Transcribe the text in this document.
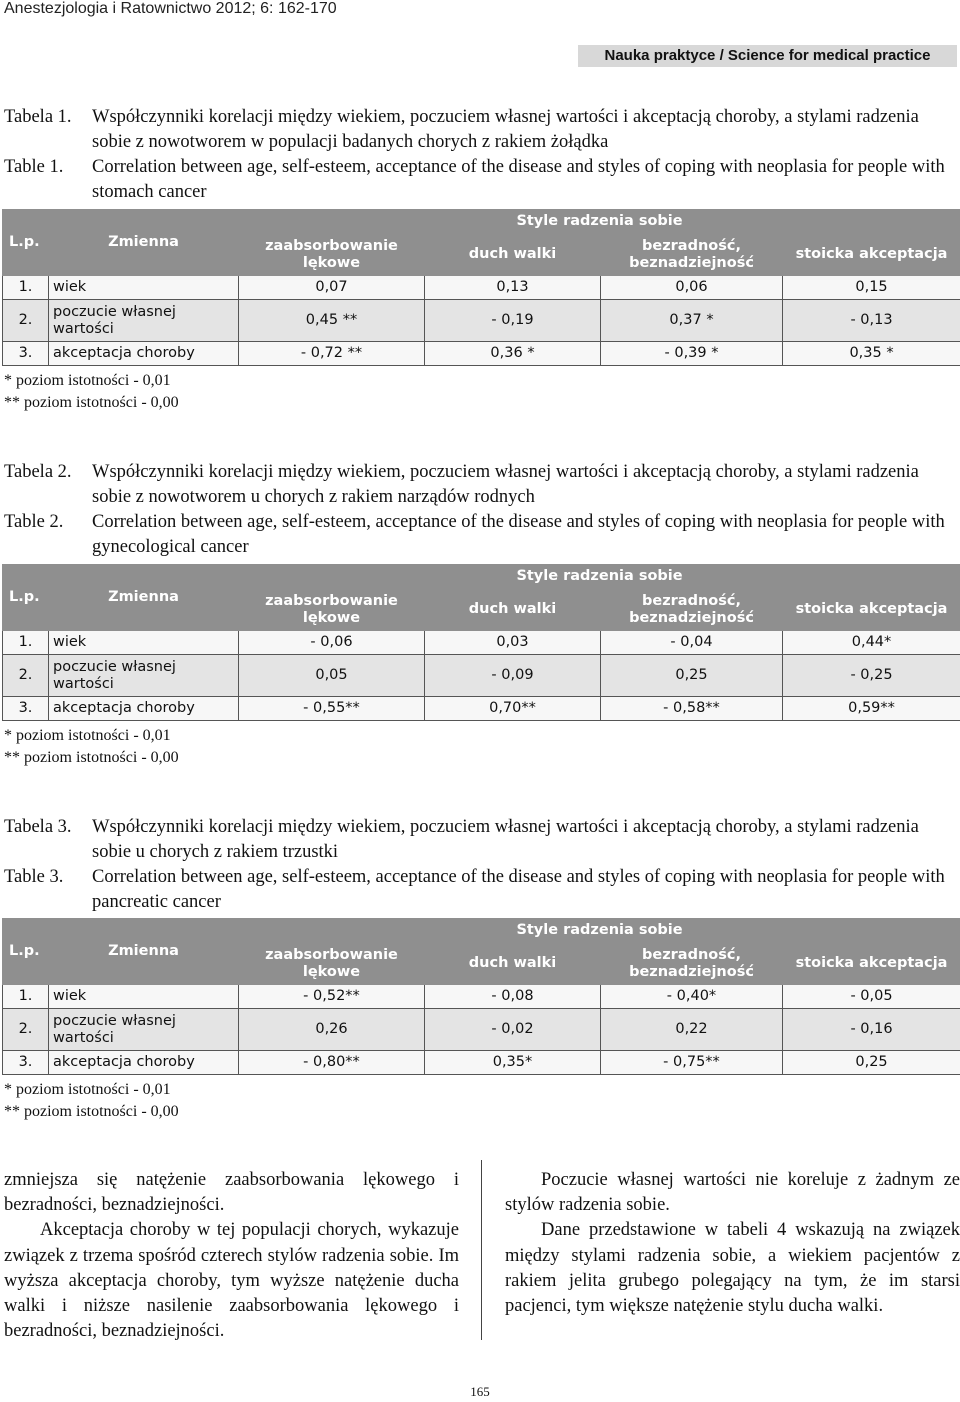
Anestezjologia i Ratownictwo 2012; 6: 162-170
Nauka praktyce / Science for medical practice
Tabela 1.	Współczynniki korelacji między wiekiem, poczuciem własnej wartości i akceptacją choroby, a stylami radzenia sobie z nowotworem w populacji badanych chorych z rakiem żołądka
Table 1.	Correlation between age, self-esteem, acceptance of the disease and styles of coping with neoplasia for people with stomach cancer
L.p.	Zmienna	Style radzenia sobie			
		zaabsorbowanie lękowe	duch walki	bezradność, beznadziejność	stoicka akceptacja
1.	wiek	0,07	0,13	0,06	0,15
2.	poczucie własnej wartości	0,45 **	- 0,19	0,37 *	- 0,13
3.	akceptacja choroby	- 0,72 **	0,36 *	- 0,39 *	0,35 *
* poziom istotności - 0,01
** poziom istotności - 0,00
Tabela 2.	Współczynniki korelacji między wiekiem, poczuciem własnej wartości i akceptacją choroby, a stylami radzenia sobie z nowotworem u chorych z rakiem narządów rodnych
Table 2.	Correlation between age, self-esteem, acceptance of the disease and styles of coping with neoplasia for people with gynecological cancer
L.p.	Zmienna	Style radzenia sobie			
		zaabsorbowanie lękowe	duch walki	bezradność, beznadziejność	stoicka akceptacja
1.	wiek	- 0,06	0,03	- 0,04	0,44*
2.	poczucie własnej wartości	0,05	- 0,09	0,25	- 0,25
3.	akceptacja choroby	- 0,55**	0,70**	- 0,58**	0,59**
* poziom istotności - 0,01
** poziom istotności - 0,00
Tabela 3.	Współczynniki korelacji między wiekiem, poczuciem własnej wartości i akceptacją choroby, a stylami radzenia sobie u chorych z rakiem trzustki
Table 3.	Correlation between age, self-esteem, acceptance of the disease and styles of coping with neoplasia for people with pancreatic cancer
L.p.	Zmienna	Style radzenia sobie			
		zaabsorbowanie lękowe	duch walki	bezradność, beznadziejność	stoicka akceptacja
1.	wiek	- 0,52**	- 0,08	- 0,40*	- 0,05
2.	poczucie własnej wartości	0,26	- 0,02	0,22	- 0,16
3.	akceptacja choroby	- 0,80**	0,35*	- 0,75**	0,25
* poziom istotności - 0,01
** poziom istotności - 0,00

zmniejsza się natężenie zaabsorbowania lękowego i bezradności, beznadziejności.

Akceptacja choroby w tej populacji chorych, wykazuje związek z trzema spośród czterech stylów radzenia sobie. Im wyższa akceptacja choroby, tym wyższe natężenie ducha walki i niższe nasilenie zaabsorbowania lękowego i bezradności, beznadziejności.

Poczucie własnej wartości nie koreluje z żadnym ze stylów radzenia sobie.

Dane przedstawione w tabeli 4 wskazują na związek między stylami radzenia sobie, a wiekiem pacjentów z rakiem jelita grubego polegający na tym, że im starsi pacjenci, tym większe natężenie stylu ducha walki.

165
